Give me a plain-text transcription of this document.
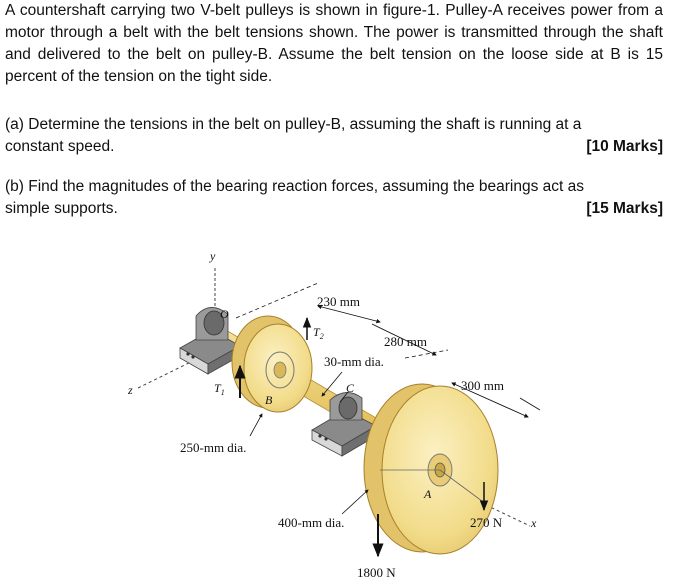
A countershaft carrying two V-belt pulleys is shown in figure-1. Pulley-A receives power from a motor through a belt with the belt tensions shown. The power is transmitted through the shaft and delivered to the belt on pulley-B. Assume the belt tension on the loose side at B is 15 percent of the tension on the tight side.
(a) Determine the tensions in the belt on pulley-B, assuming the shaft is running at a
constant speed.	[10 Marks]
(b) Find the magnitudes of the bearing reaction forces, assuming the bearings act as
simple supports.	[15 Marks]
y
z
x
O
230 mm
280 mm
30-mm dia.
300 mm
$T_2$
$T_1$
B
C
A
250-mm dia.
400-mm dia.	270 N
1800 N
